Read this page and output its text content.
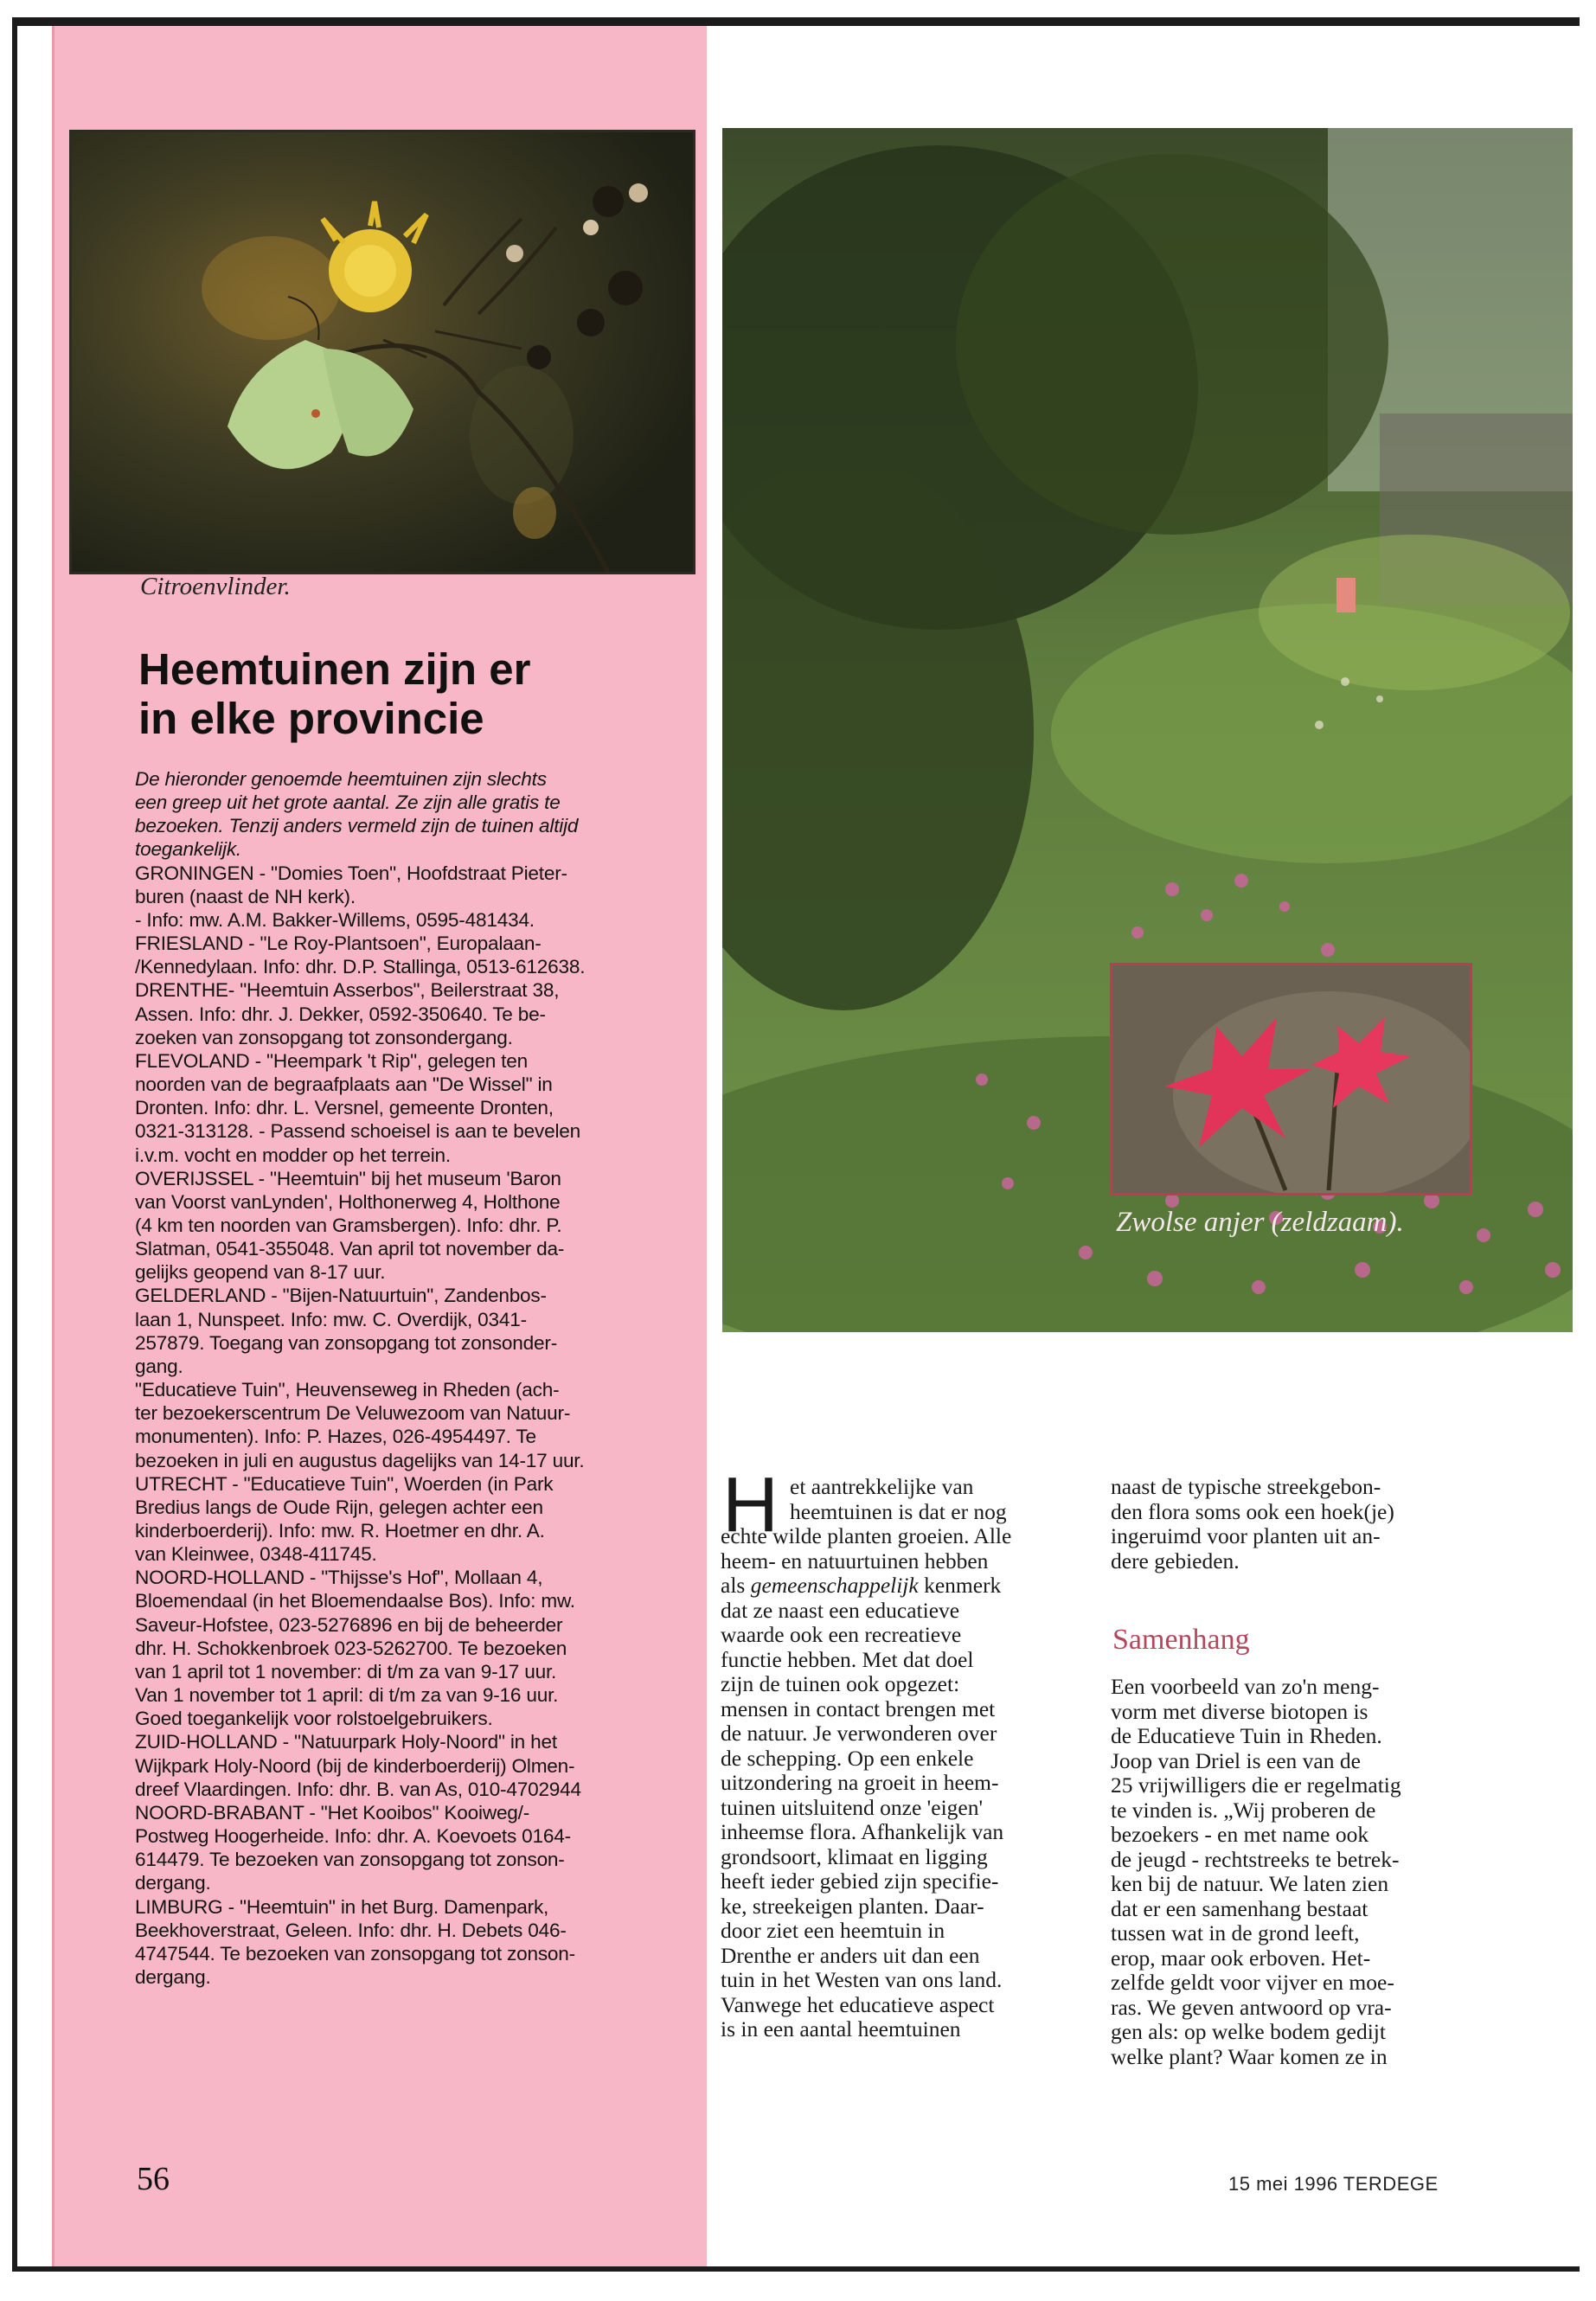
Citroenvlinder.
Heemtuinen zijn er
in elke provincie
De hieronder genoemde heemtuinen zijn slechts
een greep uit het grote aantal. Ze zijn alle gratis te
bezoeken. Tenzij anders vermeld zijn de tuinen altijd
toegankelijk.
GRONINGEN - "Domies Toen", Hoofdstraat Pieter-
buren (naast de NH kerk).
- Info: mw. A.M. Bakker-Willems, 0595-481434.
FRIESLAND - "Le Roy-Plantsoen", Europalaan-
/Kennedylaan. Info: dhr. D.P. Stallinga, 0513-612638.
DRENTHE- "Heemtuin Asserbos", Beilerstraat 38,
Assen. Info: dhr. J. Dekker, 0592-350640. Te be-
zoeken van zonsopgang tot zonsondergang.
FLEVOLAND - "Heempark 't Rip", gelegen ten
noorden van de begraafplaats aan "De Wissel" in
Dronten. Info: dhr. L. Versnel, gemeente Dronten,
0321-313128. - Passend schoeisel is aan te bevelen
i.v.m. vocht en modder op het terrein.
OVERIJSSEL - "Heemtuin" bij het museum 'Baron
van Voorst vanLynden', Holthonerweg 4, Holthone
(4 km ten noorden van Gramsbergen). Info: dhr. P.
Slatman, 0541-355048. Van april tot november da-
gelijks geopend van 8-17 uur.
GELDERLAND - "Bijen-Natuurtuin", Zandenbos-
laan 1, Nunspeet. Info: mw. C. Overdijk, 0341-
257879. Toegang van zonsopgang tot zonsonder-
gang.
"Educatieve Tuin", Heuvenseweg in Rheden (ach-
ter bezoekerscentrum De Veluwezoom van Natuur-
monumenten). Info: P. Hazes, 026-4954497. Te
bezoeken in juli en augustus dagelijks van 14-17 uur.
UTRECHT - "Educatieve Tuin", Woerden (in Park
Bredius langs de Oude Rijn, gelegen achter een
kinderboerderij). Info: mw. R. Hoetmer en dhr. A.
van Kleinwee, 0348-411745.
NOORD-HOLLAND - "Thijsse's Hof", Mollaan 4,
Bloemendaal (in het Bloemendaalse Bos). Info: mw.
Saveur-Hofstee, 023-5276896 en bij de beheerder
dhr. H. Schokkenbroek 023-5262700. Te bezoeken
van 1 april tot 1 november: di t/m za van 9-17 uur.
Van 1 november tot 1 april: di t/m za van 9-16 uur.
Goed toegankelijk voor rolstoelgebruikers.
ZUID-HOLLAND - "Natuurpark Holy-Noord" in het
Wijkpark Holy-Noord (bij de kinderboerderij) Olmen-
dreef Vlaardingen. Info: dhr. B. van As, 010-4702944
NOORD-BRABANT - "Het Kooibos" Kooiweg/-
Postweg Hoogerheide. Info: dhr. A. Koevoets 0164-
614479. Te bezoeken van zonsopgang tot zonson-
dergang.
LIMBURG - "Heemtuin" in het Burg. Damenpark,
Beekhoverstraat, Geleen. Info: dhr. H. Debets 046-
4747544. Te bezoeken van zonsopgang tot zonson-
dergang.
Zwolse anjer (zeldzaam).
H et aantrekkelijke van
heemtuinen is dat er nog
echte wilde planten groeien. Alle
heem- en natuurtuinen hebben
als gemeenschappelijk kenmerk
dat ze naast een educatieve
waarde ook een recreatieve
functie hebben. Met dat doel
zijn de tuinen ook opgezet:
mensen in contact brengen met
de natuur. Je verwonderen over
de schepping. Op een enkele
uitzondering na groeit in heem-
tuinen uitsluitend onze 'eigen'
inheemse flora. Afhankelijk van
grondsoort, klimaat en ligging
heeft ieder gebied zijn specifie-
ke, streekeigen planten. Daar-
door ziet een heemtuin in
Drenthe er anders uit dan een
tuin in het Westen van ons land.
Vanwege het educatieve aspect
is in een aantal heemtuinen
naast de typische streekgebon-
den flora soms ook een hoek(je)
ingeruimd voor planten uit an-
dere gebieden.
Samenhang
Een voorbeeld van zo'n meng-
vorm met diverse biotopen is
de Educatieve Tuin in Rheden.
Joop van Driel is een van de
25 vrijwilligers die er regelmatig
te vinden is. „Wij proberen de
bezoekers - en met name ook
de jeugd - rechtstreeks te betrek-
ken bij de natuur. We laten zien
dat er een samenhang bestaat
tussen wat in de grond leeft,
erop, maar ook erboven. Het-
zelfde geldt voor vijver en moe-
ras. We geven antwoord op vra-
gen als: op welke bodem gedijt
welke plant? Waar komen ze in
56	15 mei 1996 TERDEGE
